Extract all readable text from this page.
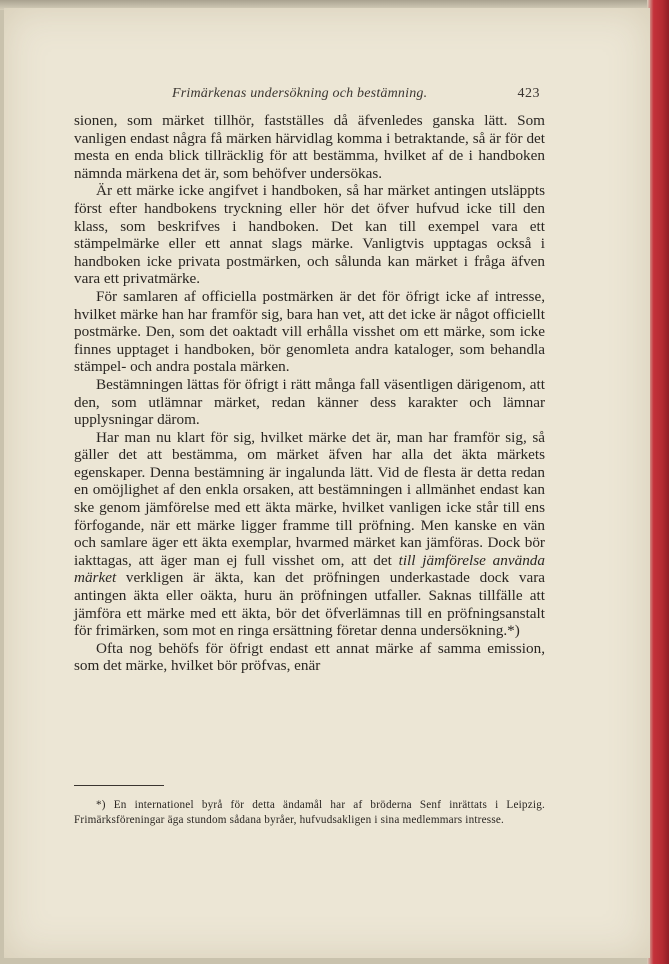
Frimärkenas undersökning och bestämning.	423

sionen, som märket tillhör, fastställes då äfvenledes ganska lätt. Som vanligen endast några få märken härvidlag komma i betraktande, så är för det mesta en enda blick tillräcklig för att bestämma, hvilket af de i handboken nämnda märkena det är, som behöfver undersökas.

Är ett märke icke angifvet i handboken, så har märket antingen utsläppts först efter handbokens tryckning eller hör det öfver hufvud icke till den klass, som beskrifves i handboken. Det kan till exempel vara ett stämpelmärke eller ett annat slags märke. Vanligtvis upptagas också i handboken icke privata postmärken, och sålunda kan märket i fråga äfven vara ett privatmärke.

För samlaren af officiella postmärken är det för öfrigt icke af intresse, hvilket märke han har framför sig, bara han vet, att det icke är något officiellt postmärke. Den, som det oaktadt vill erhålla visshet om ett märke, som icke finnes upptaget i handboken, bör genomleta andra kataloger, som behandla stämpel- och andra postala märken.

Bestämningen lättas för öfrigt i rätt många fall väsentligen därigenom, att den, som utlämnar märket, redan känner dess karakter och lämnar upplysningar därom.

Har man nu klart för sig, hvilket märke det är, man har framför sig, så gäller det att bestämma, om märket äfven har alla det äkta märkets egenskaper. Denna bestämning är ingalunda lätt. Vid de flesta är detta redan en omöjlighet af den enkla orsaken, att bestämningen i allmänhet endast kan ske genom jämförelse med ett äkta märke, hvilket vanligen icke står till ens förfogande, när ett märke ligger framme till pröfning. Men kanske en vän och samlare äger ett äkta exemplar, hvarmed märket kan jämföras. Dock bör iakttagas, att äger man ej full visshet om, att det till jämförelse använda märket verkligen är äkta, kan det pröfningen underkastade dock vara antingen äkta eller oäkta, huru än pröfningen utfaller. Saknas tillfälle att jämföra ett märke med ett äkta, bör det öfverlämnas till en pröfningsanstalt för frimärken, som mot en ringa ersättning företar denna undersökning.*)

Ofta nog behöfs för öfrigt endast ett annat märke af samma emission, som det märke, hvilket bör pröfvas, enär

*) En internationel byrå för detta ändamål har af bröderna Senf inrättats i Leipzig. Frimärksföreningar äga stundom sådana byråer, hufvudsakligen i sina medlemmars intresse.
